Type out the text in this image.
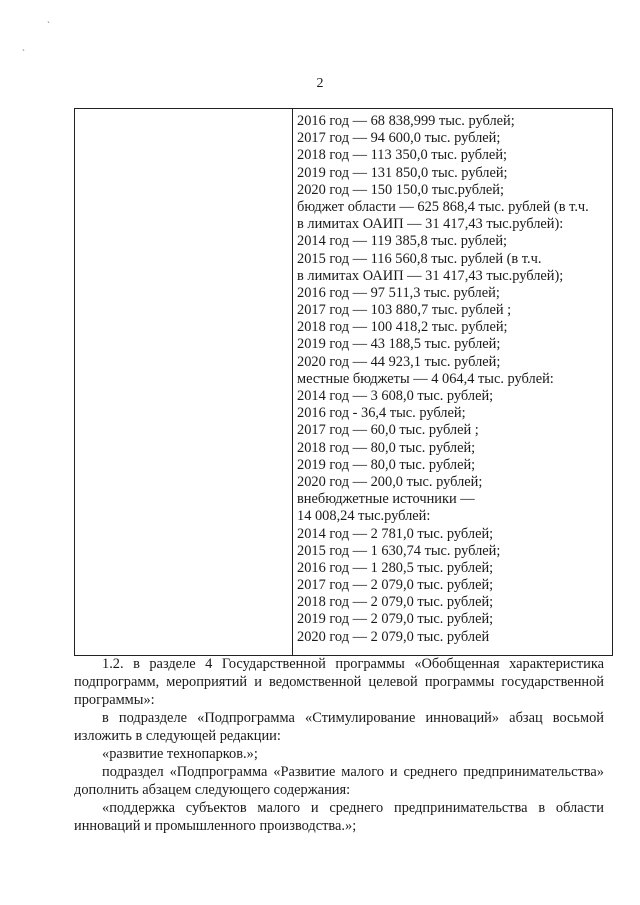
2
`
`
2016 год — 68 838,999 тыс. рублей;
2017 год — 94 600,0 тыс. рублей;
2018 год — 113 350,0 тыс. рублей;
2019 год — 131 850,0 тыс. рублей;
2020 год — 150 150,0 тыс.рублей;
бюджет области — 625 868,4 тыс. рублей (в т.ч.
в лимитах ОАИП — 31 417,43 тыс.рублей):
2014 год — 119 385,8 тыс. рублей;
2015 год — 116 560,8 тыс. рублей (в т.ч.
в лимитах ОАИП — 31 417,43 тыс.рублей);
2016 год — 97 511,3 тыс. рублей;
2017 год — 103 880,7 тыс. рублей ;
2018 год — 100 418,2 тыс. рублей;
2019 год — 43 188,5 тыс. рублей;
2020 год — 44 923,1 тыс. рублей;
местные бюджеты — 4 064,4 тыс. рублей:
2014 год — 3 608,0 тыс. рублей;
2016 год - 36,4 тыс. рублей;
2017 год — 60,0 тыс. рублей ;
2018 год — 80,0 тыс. рублей;
2019 год — 80,0 тыс. рублей;
2020 год — 200,0 тыс. рублей;
внебюджетные источники —
14 008,24 тыс.рублей:
2014 год — 2 781,0 тыс. рублей;
2015 год — 1 630,74 тыс. рублей;
2016 год — 1 280,5 тыс. рублей;
2017 год — 2 079,0 тыс. рублей;
2018 год — 2 079,0 тыс. рублей;
2019 год — 2 079,0 тыс. рублей;
2020 год — 2 079,0 тыс. рублей

1.2. в разделе 4 Государственной программы «Обобщенная характеристика подпрограмм, мероприятий и ведомственной целевой программы государственной программы»:

в подразделе «Подпрограмма «Стимулирование инноваций» абзац восьмой изложить в следующей редакции:

«развитие технопарков.»;

подраздел «Подпрограмма «Развитие малого и среднего предпринимательства» дополнить абзацем следующего содержания:

«поддержка субъектов малого и среднего предпринимательства в области инноваций и промышленного производства.»;
